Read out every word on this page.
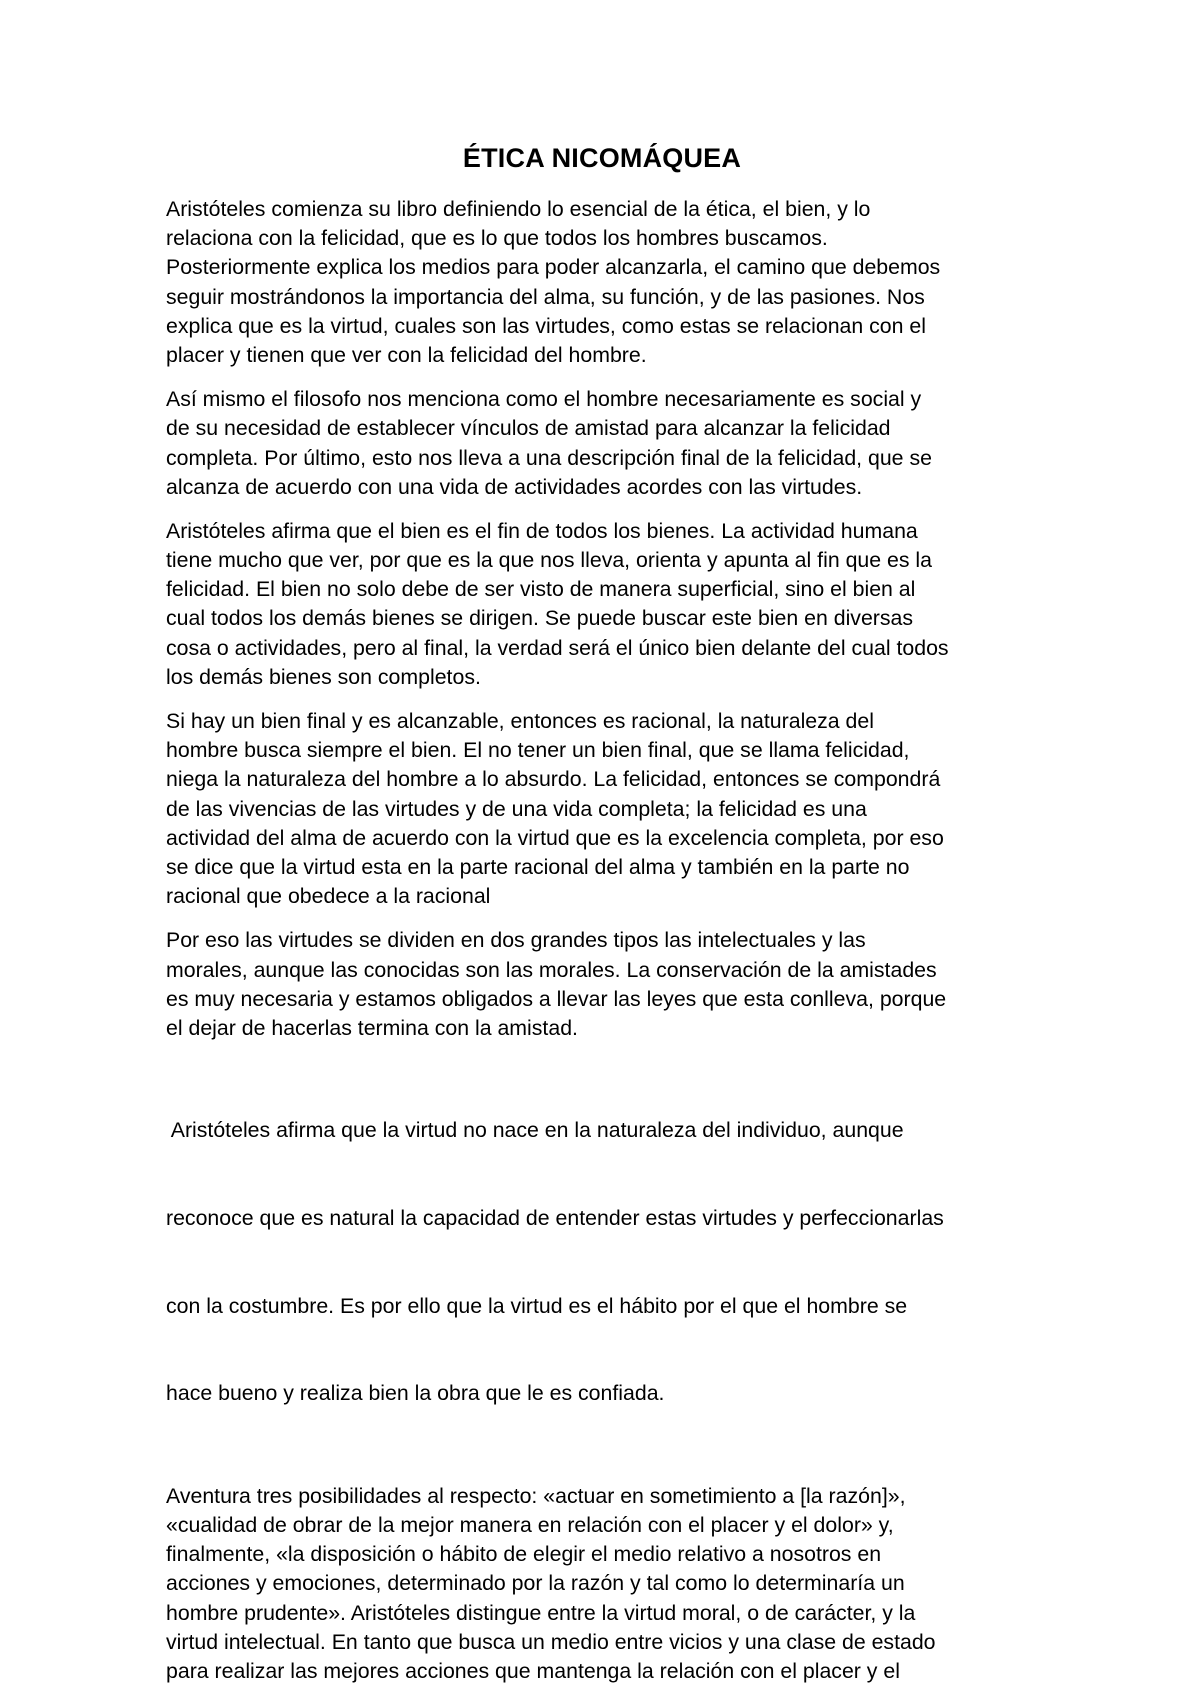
ÉTICA NICOMÁQUEA
Aristóteles comienza su libro definiendo lo esencial de la ética, el bien, y lo
relaciona con la felicidad, que es lo que todos los hombres buscamos.
Posteriormente explica los medios para poder alcanzarla, el camino que debemos
seguir mostrándonos la importancia del alma, su función, y de las pasiones. Nos
explica que es la virtud, cuales son las virtudes, como estas se relacionan con el
placer y tienen que ver con la felicidad del hombre.
Así mismo el filosofo nos menciona como el hombre necesariamente es social y
de su necesidad de establecer vínculos de amistad para alcanzar la felicidad
completa. Por último, esto nos lleva a una descripción final de la felicidad, que se
alcanza de acuerdo con una vida de actividades acordes con las virtudes.
Aristóteles afirma que el bien es el fin de todos los bienes. La actividad humana
tiene mucho que ver, por que es la que nos lleva, orienta y apunta al fin que es la
felicidad. El bien no solo debe de ser visto de manera superficial, sino el bien al
cual todos los demás bienes se dirigen. Se puede buscar este bien en diversas
cosa o actividades, pero al final, la verdad será el único bien delante del cual todos
los demás bienes son completos.
Si hay un bien final y es alcanzable, entonces es racional, la naturaleza del
hombre busca siempre el bien. El no tener un bien final, que se llama felicidad,
niega la naturaleza del hombre a lo absurdo. La felicidad, entonces se compondrá
de las vivencias de las virtudes y de una vida completa; la felicidad es una
actividad del alma de acuerdo con la virtud que es la excelencia completa, por eso
se dice que la virtud esta en la parte racional del alma y también en la parte no
racional que obedece a la racional
Por eso las virtudes se dividen en dos grandes tipos las intelectuales y las
morales, aunque las conocidas son las morales. La conservación de la amistades
es muy necesaria y estamos obligados a llevar las leyes que esta conlleva, porque
el dejar de hacerlas termina con la amistad.

Aristóteles afirma que la virtud no nace en la naturaleza del individuo, aunque

reconoce que es natural la capacidad de entender estas virtudes y perfeccionarlas

con la costumbre. Es por ello que la virtud es el hábito por el que el hombre se

hace bueno y realiza bien la obra que le es confiada.

Aventura tres posibilidades al respecto: «actuar en sometimiento a [la razón]»,
«cualidad de obrar de la mejor manera en relación con el placer y el dolor» y,
finalmente, «la disposición o hábito de elegir el medio relativo a nosotros en
acciones y emociones, determinado por la razón y tal como lo determinaría un
hombre prudente». Aristóteles distingue entre la virtud moral, o de carácter, y la
virtud intelectual. En tanto que busca un medio entre vicios y una clase de estado
para realizar las mejores acciones que mantenga la relación con el placer y el
